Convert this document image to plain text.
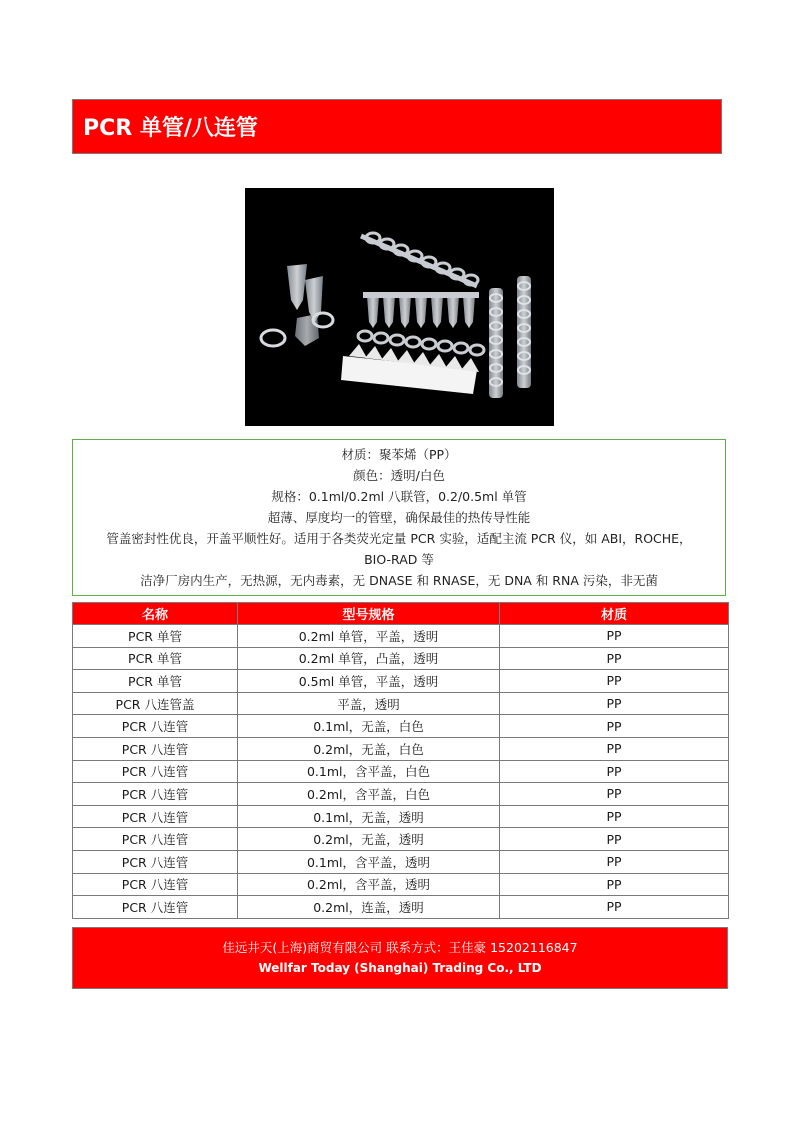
PCR 单管/八连管
材质：聚苯烯（PP）
颜色：透明/白色
规格：0.1ml/0.2ml 八联管，0.2/0.5ml 单管
超薄、厚度均一的管壁，确保最佳的热传导性能
管盖密封性优良，开盖平顺性好。适用于各类荧光定量 PCR 实验，适配主流 PCR 仪，如 ABI，ROCHE，
BIO-RAD 等
洁净厂房内生产，无热源，无内毒素，无 DNASE 和 RNASE，无 DNA 和 RNA 污染，非无菌
名称	型号规格	材质
PCR 单管	0.2ml 单管，平盖，透明	PP
PCR 单管	0.2ml 单管，凸盖，透明	PP
PCR 单管	0.5ml 单管，平盖，透明	PP
PCR 八连管盖	平盖，透明	PP
PCR 八连管	0.1ml，无盖，白色	PP
PCR 八连管	0.2ml，无盖，白色	PP
PCR 八连管	0.1ml，含平盖，白色	PP
PCR 八连管	0.2ml，含平盖，白色	PP
PCR 八连管	0.1ml，无盖，透明	PP
PCR 八连管	0.2ml，无盖，透明	PP
PCR 八连管	0.1ml，含平盖，透明	PP
PCR 八连管	0.2ml，含平盖，透明	PP
PCR 八连管	0.2ml，连盖，透明	PP
佳远井天(上海)商贸有限公司 联系方式：王佳豪 15202116847
Wellfar Today (Shanghai) Trading Co., LTD
